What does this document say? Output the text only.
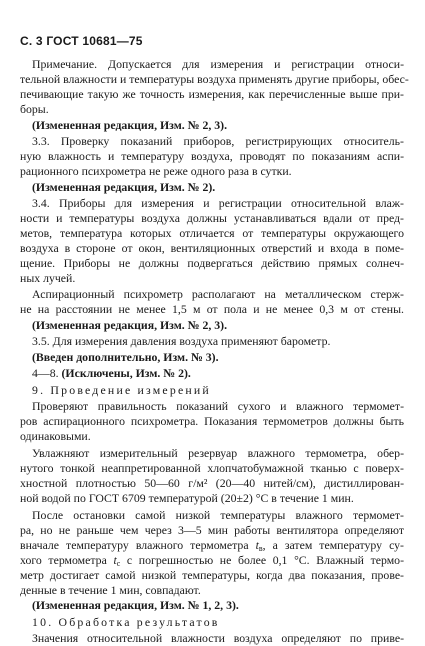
С. 3 ГОСТ 10681—75
Примечание. Допускается для измерения и регистрации относи-
тельной влажности и температуры воздуха применять другие приборы, обес-
печивающие такую же точность измерения, как перечисленные выше при-
боры.
(Измененная редакция, Изм. № 2, 3).
3.3. Проверку показаний приборов, регистрирующих относитель-
ную влажность и температуру воздуха, проводят по показаниям аспи-
рационного психрометра не реже одного раза в сутки.
(Измененная редакция, Изм. № 2).
3.4. Приборы для измерения и регистрации относительной влаж-
ности и температуры воздуха должны устанавливаться вдали от пред-
метов, температура которых отличается от температуры окружающего
воздуха в стороне от окон, вентиляционных отверстий и входа в поме-
щение. Приборы не должны подвергаться действию прямых солнеч-
ных лучей.
Аспирационный психрометр располагают на металлическом стерж-
не на расстоянии не менее 1,5 м от пола и не менее 0,3 м от стены.
(Измененная редакция, Изм. № 2, 3).
3.5. Для измерения давления воздуха применяют барометр.
(Введен дополнительно, Изм. № 3).
4—8. (Исключены, Изм. № 2).
9. Проведение измерений
Проверяют правильность показаний сухого и влажного термомет-
ров аспирационного психрометра. Показания термометров должны быть
одинаковыми.
Увлажняют измерительный резервуар влажного термометра, обер-
нутого тонкой неаппретированной хлопчатобумажной тканью с поверх-
хностной плотностью 50—60 г/м² (20—40 нитей/см), дистиллирован-
ной водой по ГОСТ 6709 температурой (20±2) °С в течение 1 мин.
После остановки самой низкой температуры влажного термомет-
ра, но не раньше чем через 3—5 мин работы вентилятора определяют
вначале температуру влажного термометра $t_в$, а затем температуру су-
хого термометра $t_с$ с погрешностью не более 0,1 °С. Влажный термо-
метр достигает самой низкой температуры, когда два показания, прове-
денные в течение 1 мин, совпадают.
(Измененная редакция, Изм. № 1, 2, 3).
10. Обработка результатов
Значения относительной влажности воздуха определяют по приве-
